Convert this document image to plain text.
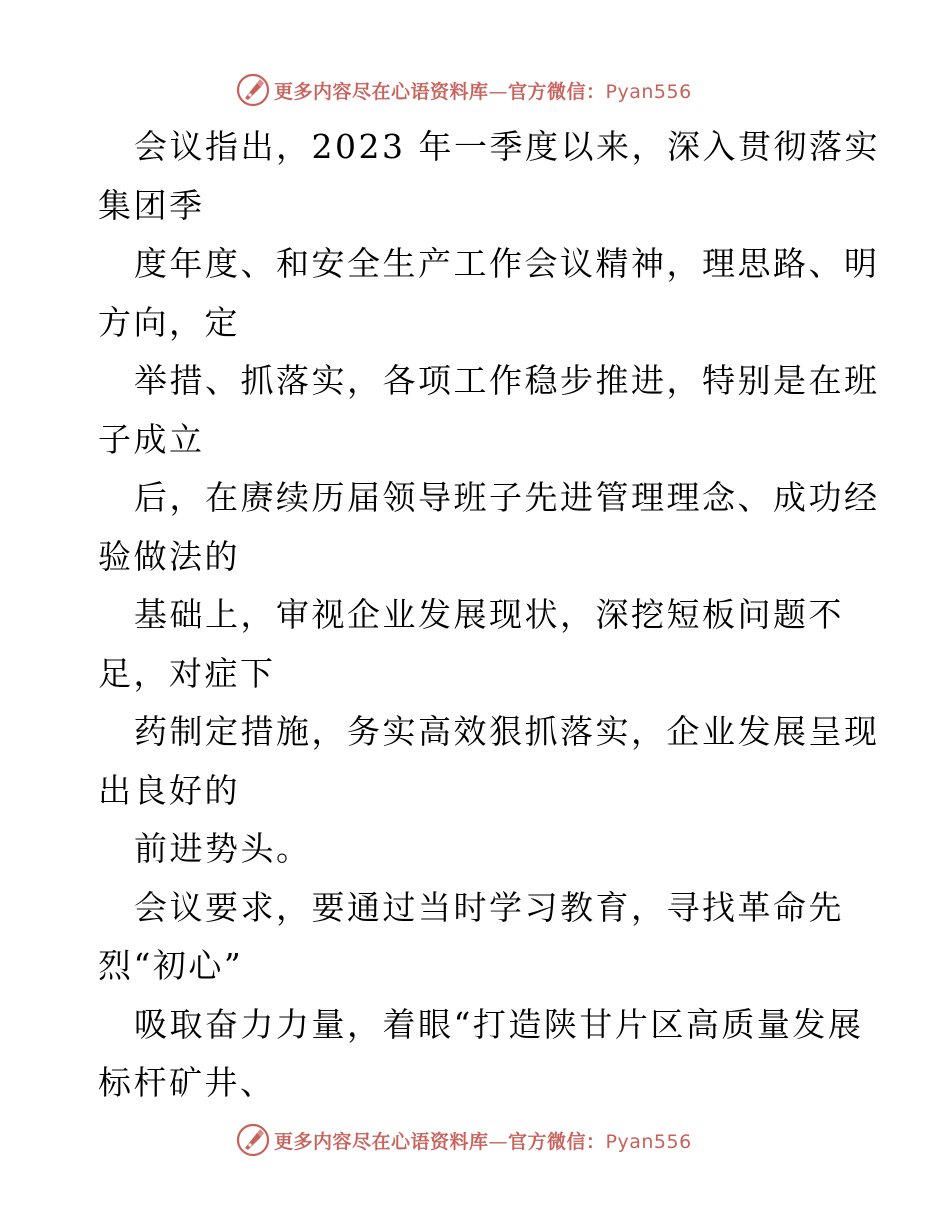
更多内容尽在心语资料库—官方微信：Pyan556
会议指出，2023 年一季度以来，深入贯彻落实
集团季
度年度、和安全生产工作会议精神，理思路、明
方向，定
举措、抓落实，各项工作稳步推进，特别是在班
子成立
后，在赓续历届领导班子先进管理理念、成功经
验做法的
基础上，审视企业发展现状，深挖短板问题不
足，对症下
药制定措施，务实高效狠抓落实，企业发展呈现
出良好的
前进势头。
会议要求，要通过当时学习教育，寻找革命先
烈“初心”
吸取奋力力量，着眼“打造陕甘片区高质量发展
标杆矿井、
更多内容尽在心语资料库—官方微信：Pyan556
